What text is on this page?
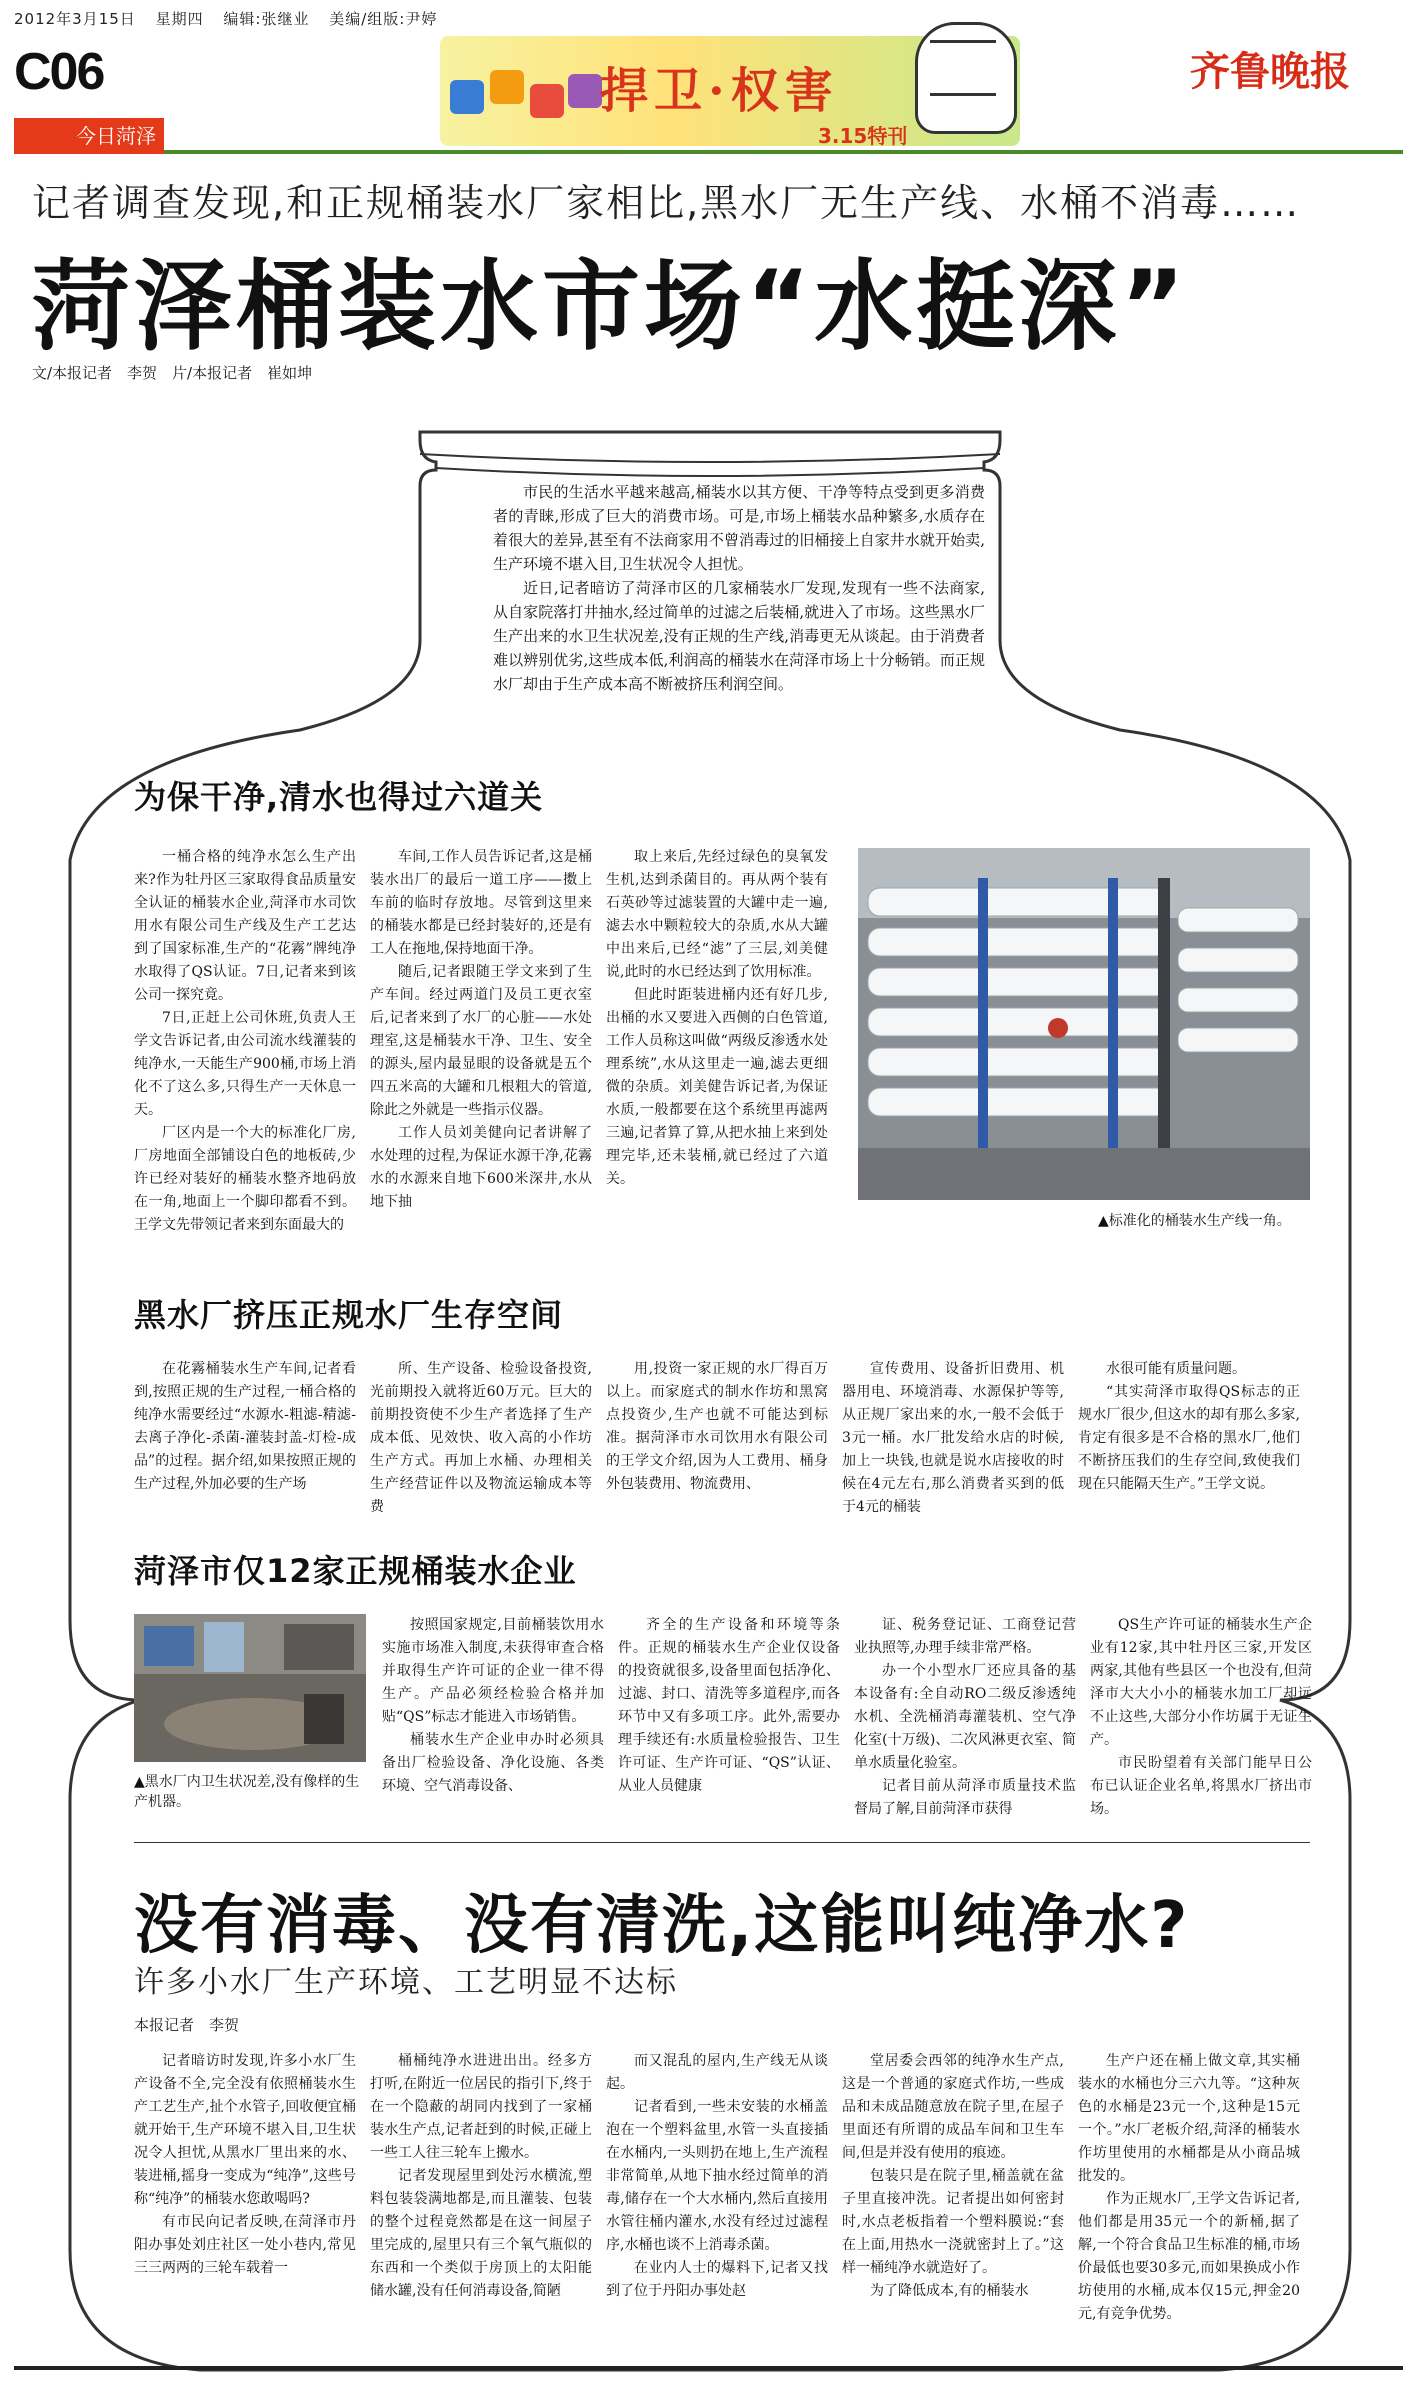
2012年3月15日 星期四 编辑:张继业 美编/组版:尹婷
C06
今日菏泽
捍卫·权害
3.15特刊
齐鲁晚报
记者调查发现,和正规桶装水厂家相比,黑水厂无生产线、水桶不消毒……
菏泽桶装水市场“水挺深”
文/本报记者　李贺　片/本报记者　崔如坤

市民的生活水平越来越高,桶装水以其方便、干净等特点受到更多消费者的青睐,形成了巨大的消费市场。可是,市场上桶装水品种繁多,水质存在着很大的差异,甚至有不法商家用不曾消毒过的旧桶接上自家井水就开始卖,生产环境不堪入目,卫生状况令人担忧。

近日,记者暗访了菏泽市区的几家桶装水厂发现,发现有一些不法商家,从自家院落打井抽水,经过简单的过滤之后装桶,就进入了市场。这些黑水厂生产出来的水卫生状况差,没有正规的生产线,消毒更无从谈起。由于消费者难以辨别优劣,这些成本低,利润高的桶装水在菏泽市场上十分畅销。而正规水厂却由于生产成本高不断被挤压利润空间。

为保干净,清水也得过六道关

一桶合格的纯净水怎么生产出来?作为牡丹区三家取得食品质量安全认证的桶装水企业,菏泽市水司饮用水有限公司生产线及生产工艺达到了国家标准,生产的“花霧”牌纯净水取得了QS认证。7日,记者来到该公司一探究竟。

7日,正赶上公司休班,负责人王学文告诉记者,由公司流水线灌装的纯净水,一天能生产900桶,市场上消化不了这么多,只得生产一天休息一天。

厂区内是一个大的标准化厂房,厂房地面全部铺设白色的地板砖,少许已经对装好的桶装水整齐地码放在一角,地面上一个脚印都看不到。王学文先带领记者来到东面最大的

车间,工作人员告诉记者,这是桶装水出厂的最后一道工序——擞上车前的临时存放地。尽管到这里来的桶装水都是已经封装好的,还是有工人在拖地,保持地面干净。

随后,记者跟随王学文来到了生产车间。经过两道门及员工更衣室后,记者来到了水厂的心脏——水处理室,这是桶装水干净、卫生、安全的源头,屋内最显眼的设备就是五个四五米高的大罐和几根粗大的管道,除此之外就是一些指示仪器。

工作人员刘美健向记者讲解了水处理的过程,为保证水源干净,花霧水的水源来自地下600米深井,水从地下抽

取上来后,先经过绿色的臭氧发生机,达到杀菌目的。再从两个装有石英砂等过滤装置的大罐中走一遍,滤去水中颗粒较大的杂质,水从大罐中出来后,已经“滤”了三层,刘美健说,此时的水已经达到了饮用标准。

但此时距装进桶内还有好几步,出桶的水又要进入西侧的白色管道,工作人员称这叫做“两级反渗透水处理系统”,水从这里走一遍,滤去更细微的杂质。刘美健告诉记者,为保证水质,一般都要在这个系统里再滤两三遍,记者算了算,从把水抽上来到处理完毕,还未装桶,就已经过了六道关。

▲标准化的桶装水生产线一角。
黑水厂挤压正规水厂生存空间

在花霧桶装水生产车间,记者看到,按照正规的生产过程,一桶合格的纯净水需要经过“水源水-粗滤-精滤-去离子净化-杀菌-灌装封盖-灯检-成品”的过程。据介绍,如果按照正规的生产过程,外加必要的生产场

所、生产设备、检验设备投资,光前期投入就将近60万元。巨大的前期投资使不少生产者选择了生产成本低、见效快、收入高的小作坊生产方式。再加上水桶、办理相关生产经营证件以及物流运输成本等费

用,投资一家正规的水厂得百万以上。而家庭式的制水作坊和黑窝点投资少,生产也就不可能达到标准。据菏泽市水司饮用水有限公司的王学文介绍,因为人工费用、桶身外包装费用、物流费用、

宣传费用、设备折旧费用、机器用电、环境消毒、水源保护等等,从正规厂家出来的水,一般不会低于3元一桶。水厂批发给水店的时候,加上一块钱,也就是说水店接收的时候在4元左右,那么消费者买到的低于4元的桶装

水很可能有质量问题。

“其实菏泽市取得QS标志的正规水厂很少,但这水的却有那么多家,肯定有很多是不合格的黑水厂,他们不断挤压我们的生存空间,致使我们现在只能隔天生产。”王学文说。

菏泽市仅12家正规桶装水企业
▲黑水厂内卫生状况差,没有像样的生产机器。

按照国家规定,目前桶装饮用水实施市场准入制度,未获得审查合格并取得生产许可证的企业一律不得生产。产品必须经检验合格并加贴“QS”标志才能进入市场销售。

桶装水生产企业申办时必须具备出厂检验设备、净化设施、各类环境、空气消毒设备、

齐全的生产设备和环境等条件。正规的桶装水生产企业仅设备的投资就很多,设备里面包括净化、过滤、封口、清洗等多道程序,而各环节中又有多项工序。此外,需要办理手续还有:水质量检验报告、卫生许可证、生产许可证、“QS”认证、从业人员健康

证、税务登记证、工商登记营业执照等,办理手续非常严格。

办一个小型水厂还应具备的基本设备有:全自动RO二级反渗透纯水机、全洗桶消毒灌装机、空气净化室(十万级)、二次风淋更衣室、简单水质量化验室。

记者目前从菏泽市质量技术监督局了解,目前菏泽市获得

QS生产许可证的桶装水生产企业有12家,其中牡丹区三家,开发区两家,其他有些县区一个也没有,但菏泽市大大小小的桶装水加工厂却远不止这些,大部分小作坊属于无证生产。

市民盼望着有关部门能早日公布已认证企业名单,将黑水厂挤出市场。

没有消毒、没有清洗,这能叫纯净水?
许多小水厂生产环境、工艺明显不达标
本报记者　李贺

记者暗访时发现,许多小水厂生产设备不全,完全没有依照桶装水生产工艺生产,扯个水管子,回收便宜桶就开始干,生产环境不堪入目,卫生状况令人担忧,从黑水厂里出来的水、装进桶,摇身一变成为“纯净”,这些号称“纯净”的桶装水您敢喝吗?

有市民向记者反映,在菏泽市丹阳办事处刘庄社区一处小巷内,常见三三两两的三轮车载着一

桶桶纯净水进进出出。经多方打听,在附近一位居民的指引下,终于在一个隐蔽的胡同内找到了一家桶装水生产点,记者赶到的时候,正碰上一些工人往三轮车上搬水。

记者发现屋里到处污水横流,塑料包装袋满地都是,而且灌装、包装的整个过程竟然都是在这一间屋子里完成的,屋里只有三个氧气瓶似的东西和一个类似于房顶上的太阳能储水罐,没有任何消毒设备,简陋

而又混乱的屋内,生产线无从谈起。

记者看到,一些未安装的水桶盖泡在一个塑料盆里,水管一头直接插在水桶内,一头则扔在地上,生产流程非常简单,从地下抽水经过简单的消毒,储存在一个大水桶内,然后直接用水管往桶内灌水,水没有经过过滤程序,水桶也谈不上消毒杀菌。

在业内人士的爆料下,记者又找到了位于丹阳办事处赵

堂居委会西邻的纯净水生产点,这是一个普通的家庭式作坊,一些成品和未成品随意放在院子里,在屋子里面还有所谓的成品车间和卫生车间,但是并没有使用的痕迹。

包装只是在院子里,桶盖就在盆子里直接冲洗。记者提出如何密封时,水点老板指着一个塑料膜说:“套在上面,用热水一浇就密封上了。”这样一桶纯净水就造好了。

为了降低成本,有的桶装水

生产户还在桶上做文章,其实桶装水的水桶也分三六九等。“这种灰色的水桶是23元一个,这种是15元一个。”水厂老板介绍,菏泽的桶装水作坊里使用的水桶都是从小商品城批发的。

作为正规水厂,王学文告诉记者,他们都是用35元一个的新桶,据了解,一个符合食品卫生标准的桶,市场价最低也要30多元,而如果换成小作坊使用的水桶,成本仅15元,押金20元,有竞争优势。
